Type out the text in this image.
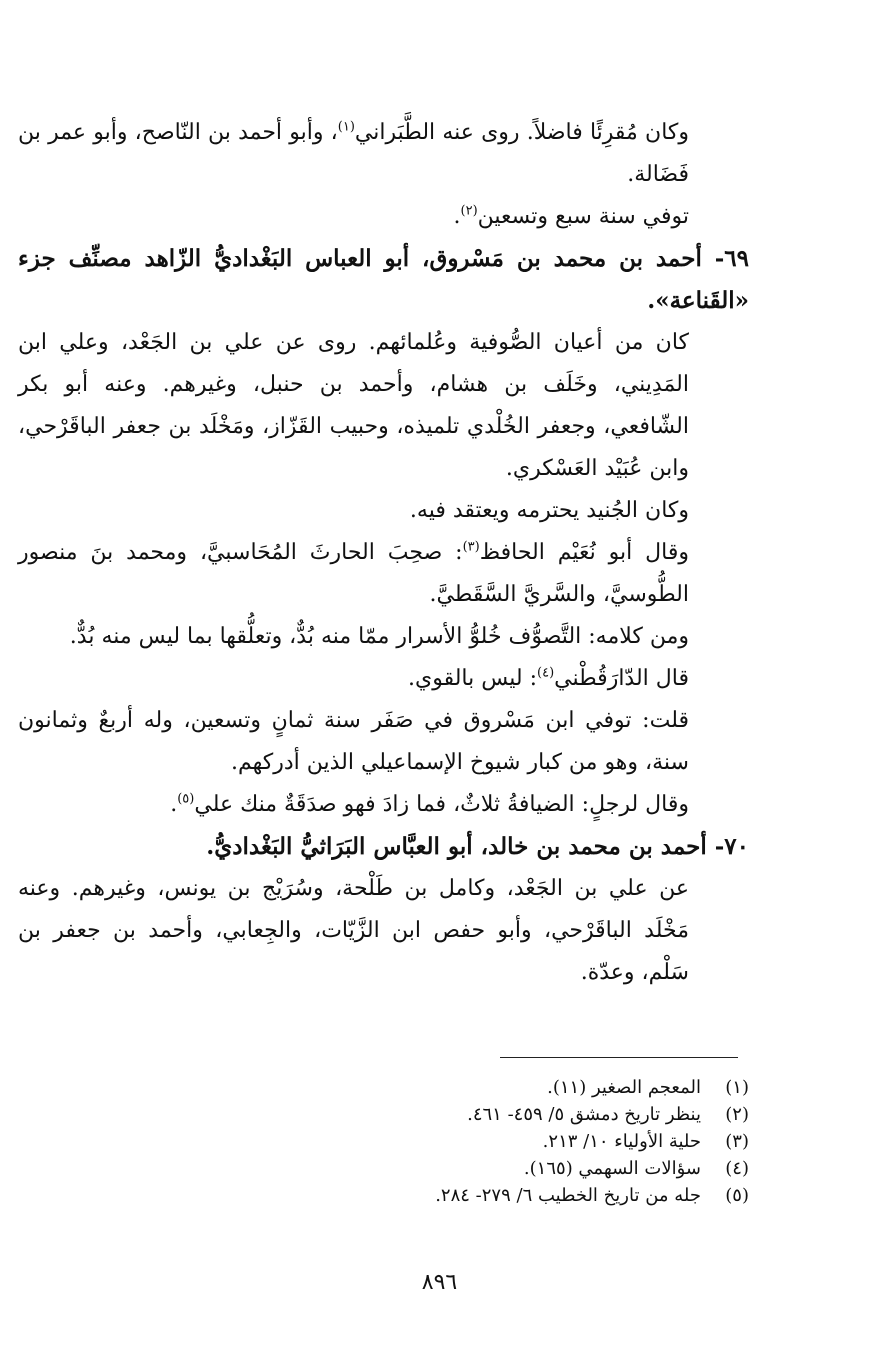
وكان مُقرِئًا فاضلاً. روى عنه الطَّبَراني$^{(١)}$، وأبو أحمد بن النّاصح، وأبو عمر بن فَضَالة.

توفي سنة سبع وتسعين$^{(٢)}$.

٦٩- أحمد بن محمد بن مَسْروق، أبو العباس البَغْداديُّ الزّاهد مصنِّف جزء «القَناعة».

كان من أعيان الصُّوفية وعُلمائهم. روى عن علي بن الجَعْد، وعلي ابن المَدِيني، وخَلَف بن هشام، وأحمد بن حنبل، وغيرهم. وعنه أبو بكر الشّافعي، وجعفر الخُلْدي تلميذه، وحبيب القَزّاز، ومَخْلَد بن جعفر الباقَرْحي، وابن عُبَيْد العَسْكري.

وكان الجُنيد يحترمه ويعتقد فيه.

وقال أبو نُعَيْم الحافظ$^{(٣)}$: صحِبَ الحارثَ المُحَاسبيَّ، ومحمد بنَ منصور الطُّوسيَّ، والسَّريَّ السَّقَطيَّ.

ومن كلامه: التَّصوُّف خُلوُّ الأسرار ممّا منه بُدٌّ، وتعلُّقها بما ليس منه بُدٌّ.

قال الدّارَقُطْني$^{(٤)}$: ليس بالقوي.

قلت: توفي ابن مَسْروق في صَفَر سنة ثمانٍ وتسعين، وله أربعٌ وثمانون سنة، وهو من كبار شيوخ الإسماعيلي الذين أدركهم.

وقال لرجلٍ: الضيافةُ ثلاثٌ، فما زادَ فهو صدَقَةٌ منك علي$^{(٥)}$.

٧٠- أحمد بن محمد بن خالد، أبو العبَّاس البَرَاثيُّ البَغْداديُّ.

عن علي بن الجَعْد، وكامل بن طَلْحة، وسُرَيْج بن يونس، وغيرهم. وعنه مَخْلَد الباقَرْحي، وأبو حفص ابن الزَّيّات، والجِعابي، وأحمد بن جعفر بن سَلْم، وعدّة.

(١)
المعجم الصغير (١١).
(٢)
ينظر تاريخ دمشق ٥/ ٤٥٩- ٤٦١.
(٣)
حلية الأولياء ١٠/ ٢١٣.
(٤)
سؤالات السهمي (١٦٥).
(٥)
جله من تاريخ الخطيب ٦/ ٢٧٩- ٢٨٤.
٨٩٦
